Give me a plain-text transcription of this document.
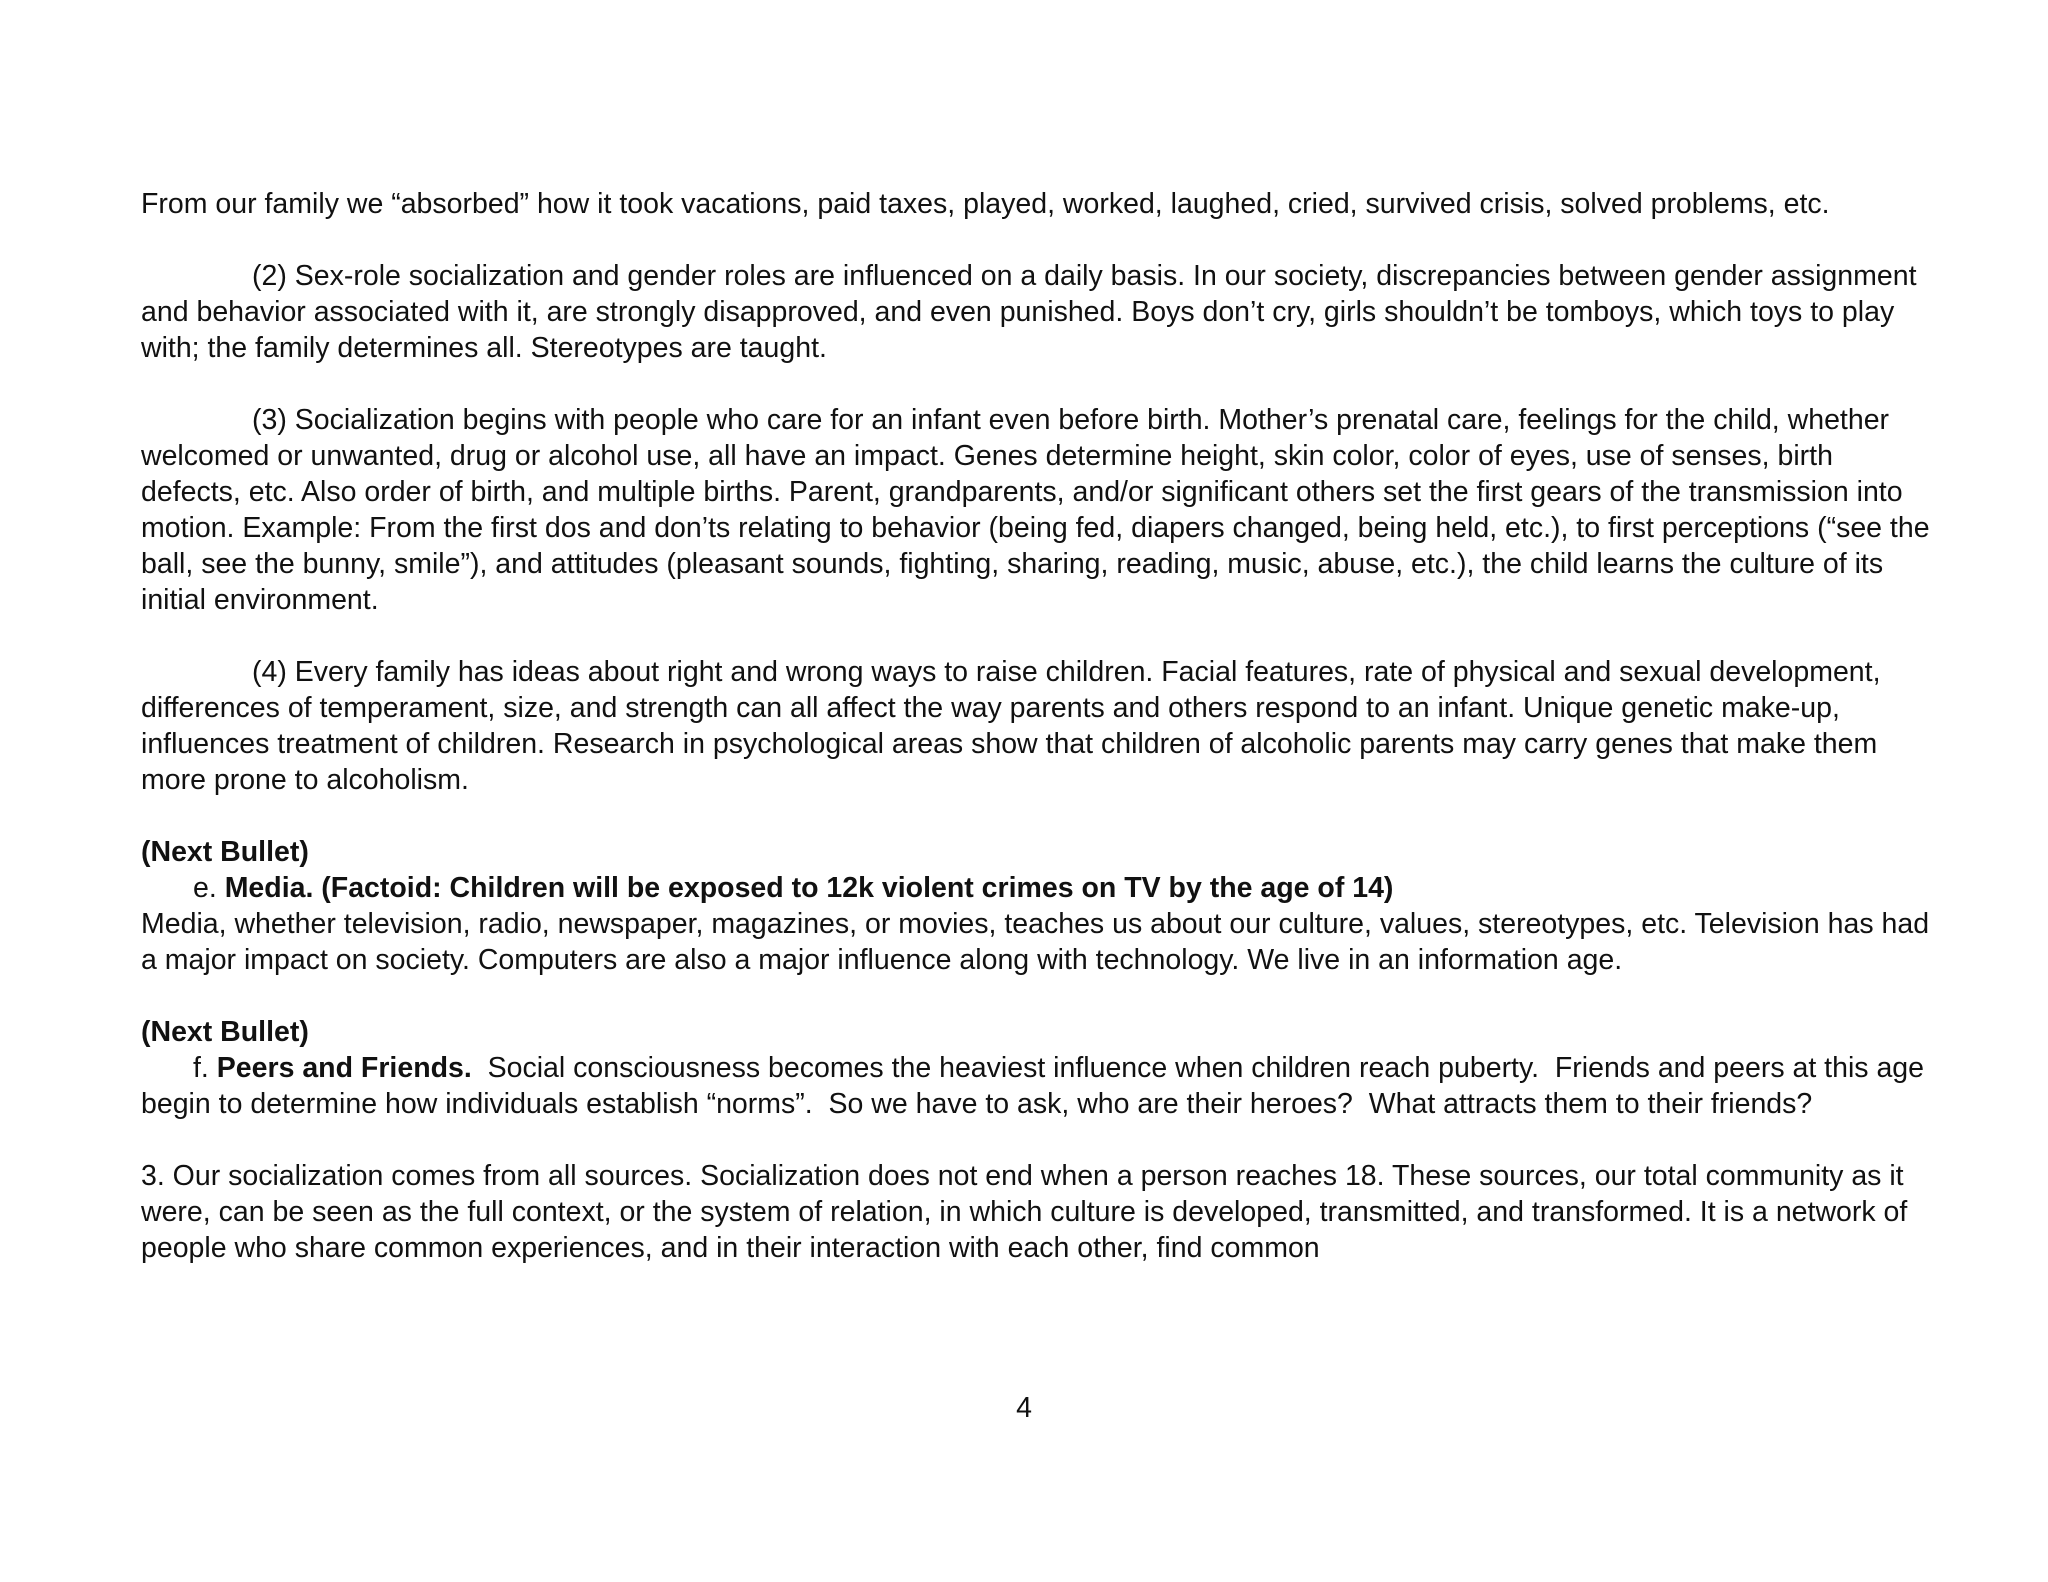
From our family we “absorbed” how it took vacations, paid taxes, played, worked, laughed, cried, survived crisis, solved problems, etc.

(2) Sex-role socialization and gender roles are influenced on a daily basis. In our society, discrepancies between gender assignment and behavior associated with it, are strongly disapproved, and even punished. Boys don’t cry, girls shouldn’t be tomboys, which toys to play with; the family determines all. Stereotypes are taught.

(3) Socialization begins with people who care for an infant even before birth. Mother’s prenatal care, feelings for the child, whether welcomed or unwanted, drug or alcohol use, all have an impact. Genes determine height, skin color, color of eyes, use of senses, birth defects, etc. Also order of birth, and multiple births. Parent, grandparents, and/or significant others set the first gears of the transmission into motion. Example: From the first dos and don’ts relating to behavior (being fed, diapers changed, being held, etc.), to first perceptions (“see the ball, see the bunny, smile”), and attitudes (pleasant sounds, fighting, sharing, reading, music, abuse, etc.), the child learns the culture of its initial environment.

(4) Every family has ideas about right and wrong ways to raise children. Facial features, rate of physical and sexual development, differences of temperament, size, and strength can all affect the way parents and others respond to an infant. Unique genetic make-up, influences treatment of children. Research in psychological areas show that children of alcoholic parents may carry genes that make them more prone to alcoholism.

(Next Bullet)

e. Media. (Factoid: Children will be exposed to 12k violent crimes on TV by the age of 14)

Media, whether television, radio, newspaper, magazines, or movies, teaches us about our culture, values, stereotypes, etc. Television has had a major impact on society. Computers are also a major influence along with technology. We live in an information age.

(Next Bullet)

f. Peers and Friends.  Social consciousness becomes the heaviest influence when children reach puberty.  Friends and peers at this age begin to determine how individuals establish “norms”.  So we have to ask, who are their heroes?  What attracts them to their friends?

3. Our socialization comes from all sources. Socialization does not end when a person reaches 18. These sources, our total community as it were, can be seen as the full context, or the system of relation, in which culture is developed, transmitted, and transformed. It is a network of people who share common experiences, and in their interaction with each other, find common

4
